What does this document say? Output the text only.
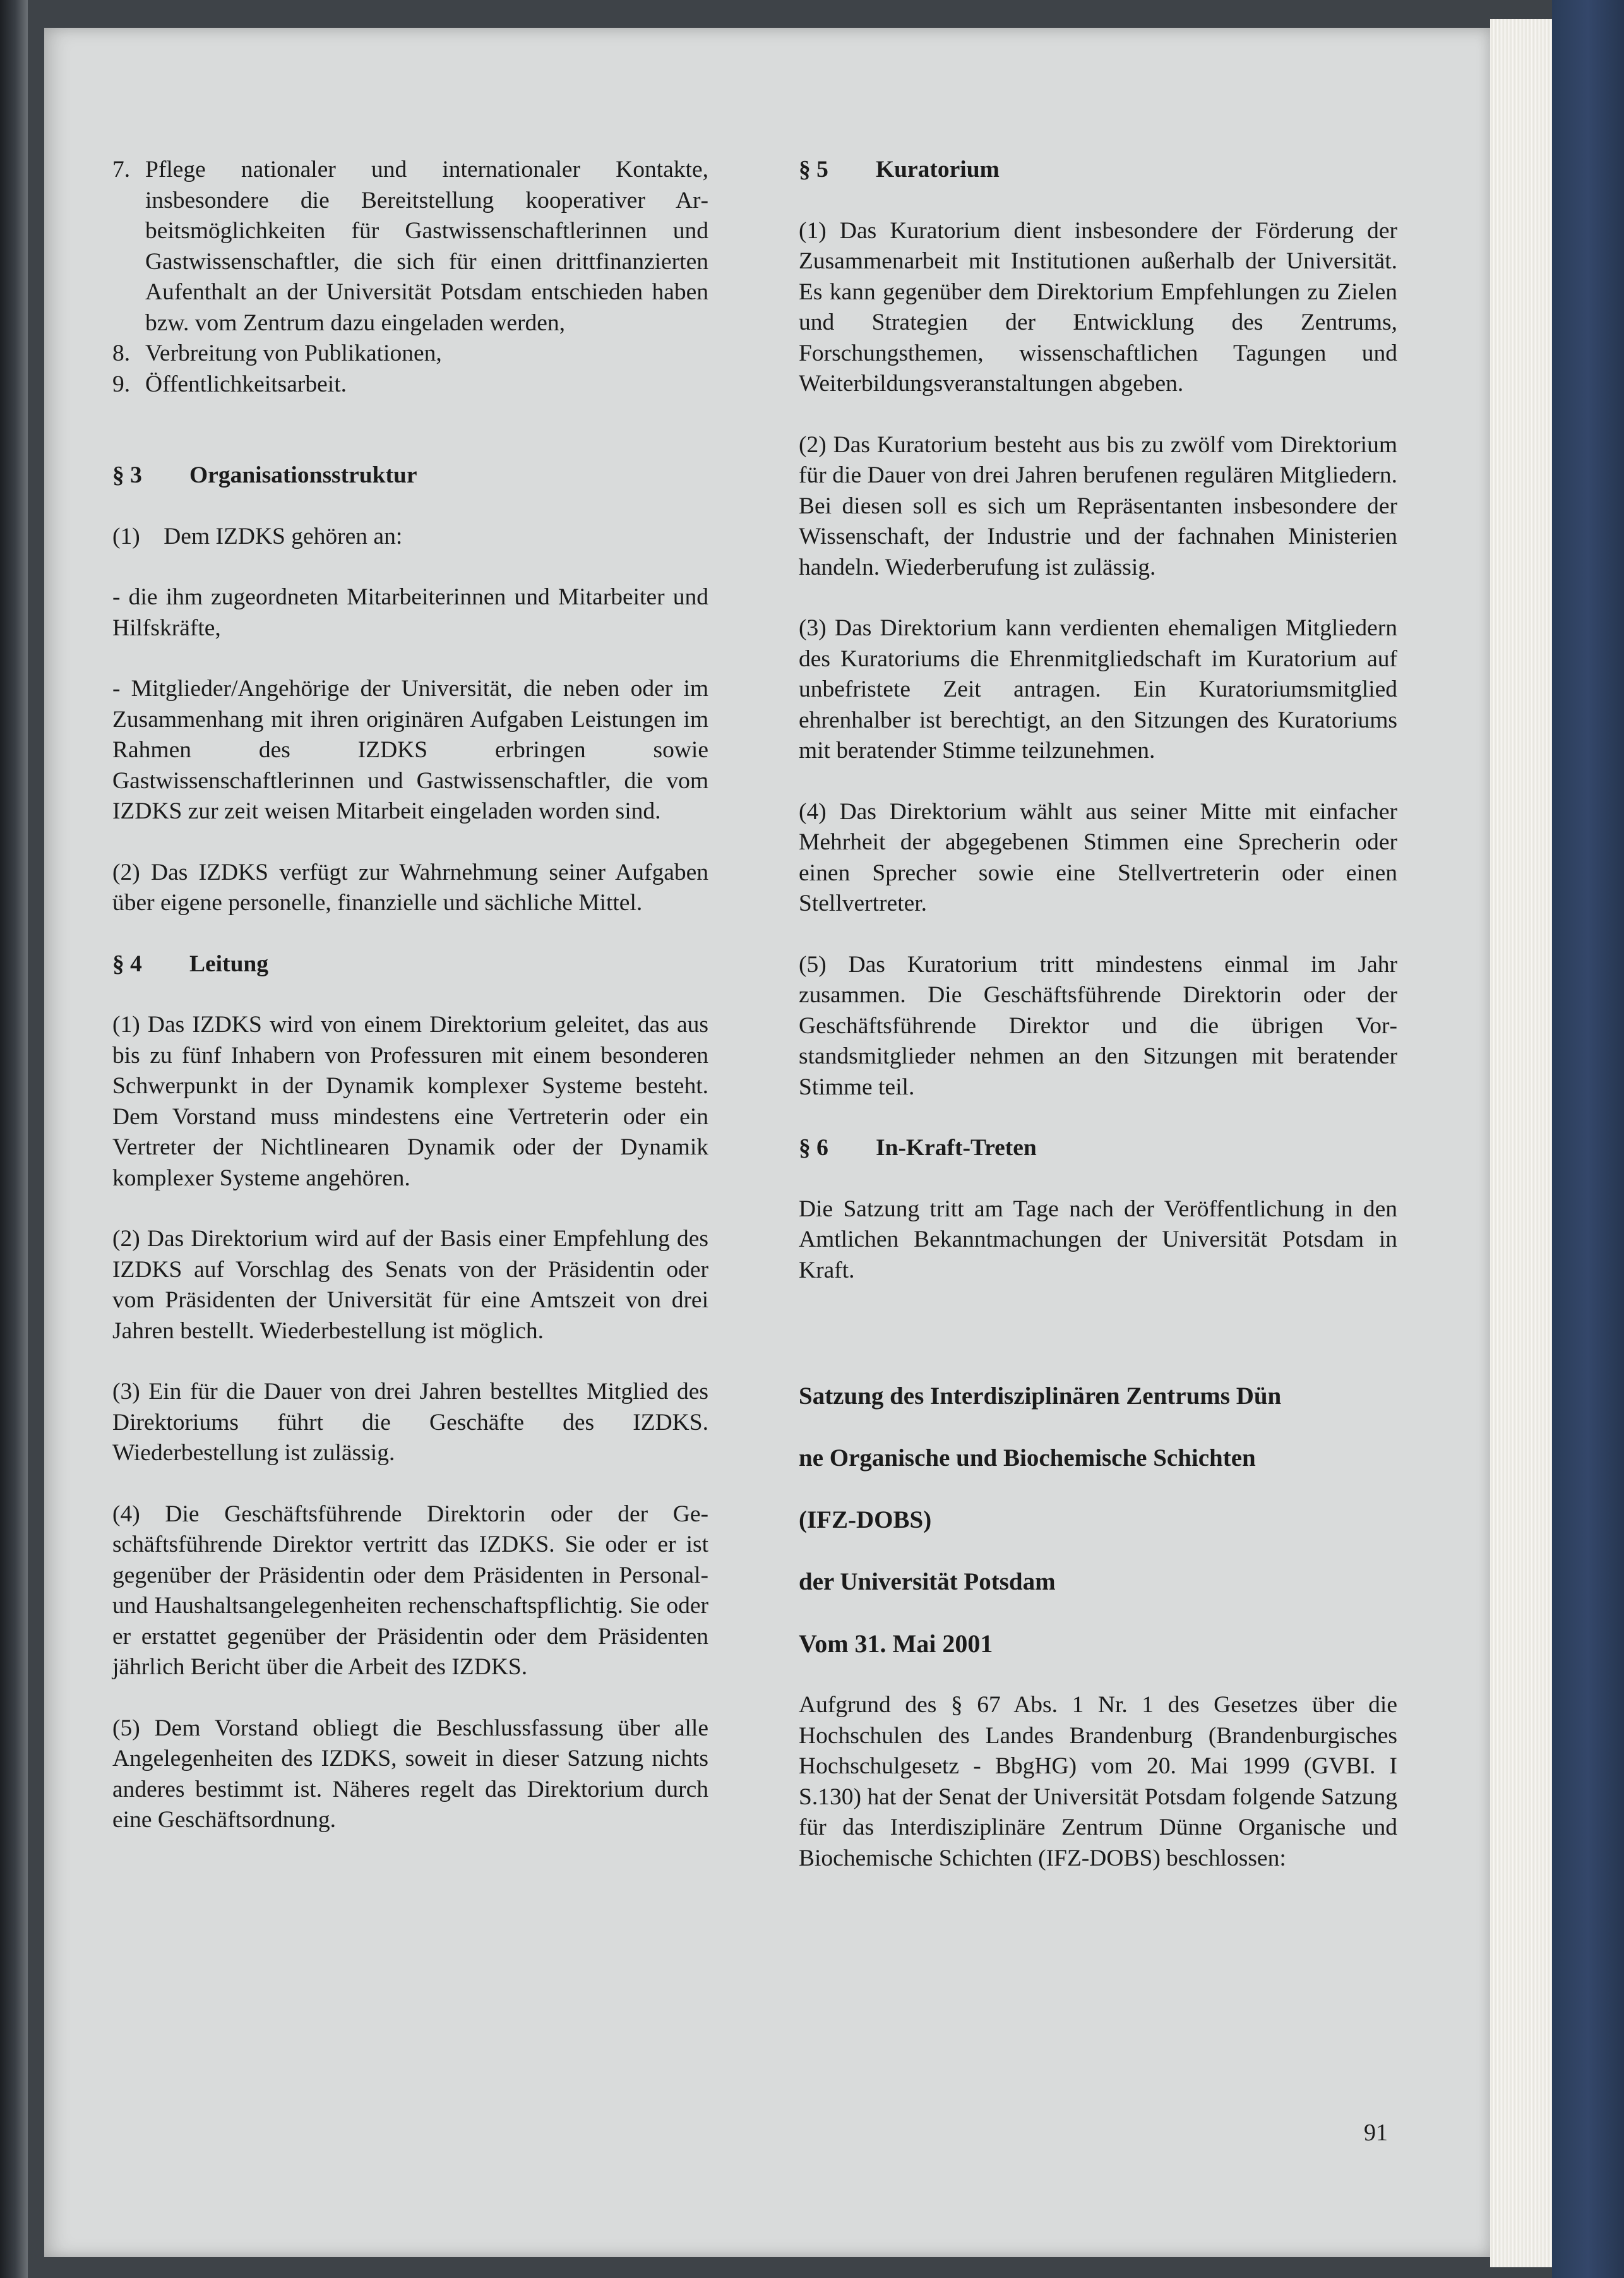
7. Pflege nationaler und internationaler Kontakte, insbesondere die Bereitstellung kooperativer Arbeitsmöglichkeiten für Gastwissenschaftlerinnen und Gastwissenschaftler, die sich für einen drittfinanzierten Aufenthalt an der Universität Potsdam entschieden haben bzw. vom Zentrum dazu eingeladen werden,
8. Verbreitung von Publikationen,
9. Öffentlichkeitsarbeit.
§ 3	Organisationsstruktur

(1)    Dem IZDKS gehören an:

- die ihm zugeordneten Mitarbeiterinnen und Mitarbeiter und Hilfskräfte,

- Mitglieder/Angehörige der Universität, die neben oder im Zusammenhang mit ihren originären Aufgaben Leistungen im Rahmen des IZDKS erbringen sowie Gastwissenschaftlerinnen und Gastwissenschaftler, die vom IZDKS zur zeit weisen Mitarbeit eingeladen worden sind.

(2) Das IZDKS verfügt zur Wahrnehmung seiner Aufgaben über eigene personelle, finanzielle und sächliche Mittel.

§ 4	Leitung

(1) Das IZDKS wird von einem Direktorium geleitet, das aus bis zu fünf Inhabern von Professuren mit einem besonderen Schwerpunkt in der Dynamik komplexer Systeme besteht. Dem Vorstand muss mindestens eine Vertreterin oder ein Vertreter der Nichtlinearen Dynamik oder der Dynamik komplexer Systeme angehören.

(2) Das Direktorium wird auf der Basis einer Empfehlung des IZDKS auf Vorschlag des Senats von der Präsidentin oder vom Präsidenten der Universität für eine Amtszeit von drei Jahren bestellt. Wiederbestellung ist möglich.

(3) Ein für die Dauer von drei Jahren bestelltes Mitglied des Direktoriums führt die Geschäfte des IZDKS. Wiederbestellung ist zulässig.

(4) Die Geschäftsführende Direktorin oder der Geschäftsführende Direktor vertritt das IZDKS. Sie oder er ist gegenüber der Präsidentin oder dem Präsidenten in Personal- und Haushaltsangelegenheiten rechenschaftspflichtig. Sie oder er erstattet gegenüber der Präsidentin oder dem Präsidenten jährlich Bericht über die Arbeit des IZDKS.

(5) Dem Vorstand obliegt die Beschlussfassung über alle Angelegenheiten des IZDKS, soweit in dieser Satzung nichts anderes bestimmt ist. Näheres regelt das Direktorium durch eine Geschäftsordnung.

§ 5	Kuratorium

(1) Das Kuratorium dient insbesondere der Förderung der Zusammenarbeit mit Institutionen außerhalb der Universität. Es kann gegenüber dem Direktorium Empfehlungen zu Zielen und Strategien der Entwicklung des Zentrums, Forschungsthemen, wissenschaftlichen Tagungen und Weiterbildungsveranstaltungen abgeben.

(2) Das Kuratorium besteht aus bis zu zwölf vom Direktorium für die Dauer von drei Jahren berufenen regulären Mitgliedern. Bei diesen soll es sich um Repräsentanten insbesondere der Wissenschaft, der Industrie und der fachnahen Ministerien handeln. Wiederberufung ist zulässig.

(3) Das Direktorium kann verdienten ehemaligen Mitgliedern des Kuratoriums die Ehrenmitgliedschaft im Kuratorium auf unbefristete Zeit antragen. Ein Kuratoriumsmitglied ehrenhalber ist berechtigt, an den Sitzungen des Kuratoriums mit beratender Stimme teilzunehmen.

(4) Das Direktorium wählt aus seiner Mitte mit einfacher Mehrheit der abgegebenen Stimmen eine Sprecherin oder einen Sprecher sowie eine Stellvertreterin oder einen Stellvertreter.

(5) Das Kuratorium tritt mindestens einmal im Jahr zusammen. Die Geschäftsführende Direktorin oder der Geschäftsführende Direktor und die übrigen Vorstandsmitglieder nehmen an den Sitzungen mit beratender Stimme teil.

§ 6	In-Kraft-Treten

Die Satzung tritt am Tage nach der Veröffentlichung in den Amtlichen Bekanntmachungen der Universität Potsdam in Kraft.

Satzung des Interdisziplinären Zentrums Dün

ne Organische und Biochemische Schichten

(IFZ-DOBS)

der Universität Potsdam

Vom 31. Mai 2001

Aufgrund des § 67 Abs. 1 Nr. 1 des Gesetzes über die Hochschulen des Landes Brandenburg (Brandenburgisches Hochschulgesetz - BbgHG) vom 20. Mai 1999 (GVBI. I S.130) hat der Senat der Universität Potsdam folgende Satzung für das Interdisziplinäre Zentrum Dünne Organische und Biochemische Schichten (IFZ-DOBS) beschlossen:

91
